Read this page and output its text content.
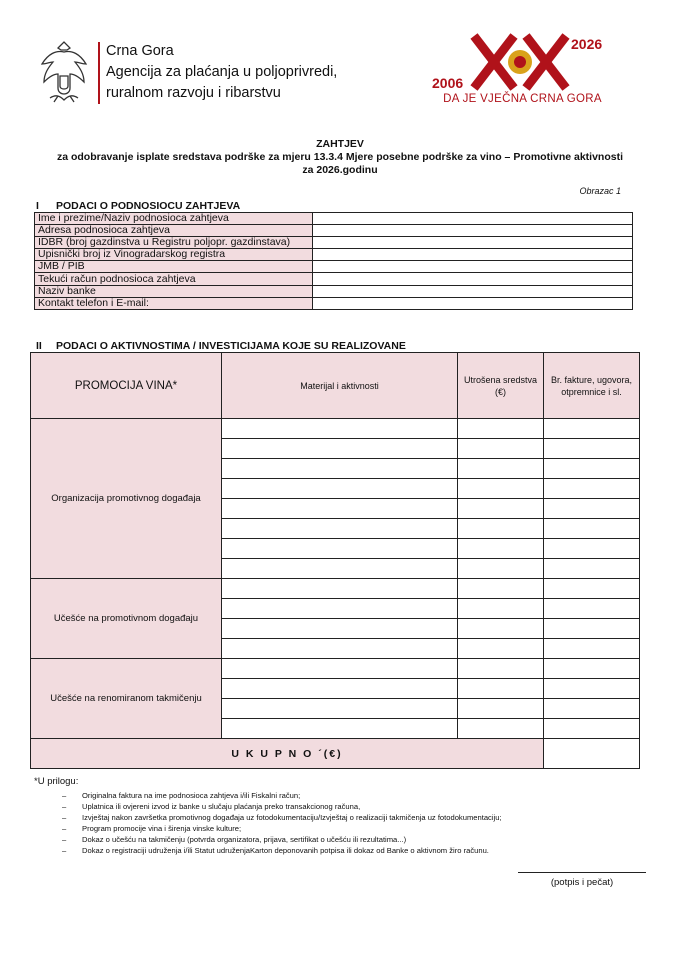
Crna Gora
Agencija za plaćanja u poljoprivredi,
ruralnom razvoju i ribarstvu
2006
2026
DA JE VJEČNA CRNA GORA
ZAHTJEV
za odobravanje isplate sredstava podrške za mjeru 13.3.4 Mjere posebne podrške za vino – Promotivne aktivnosti
za 2026.godinu
Obrazac 1
I PODACI O PODNOSIOCU ZAHTJEVA
Ime i prezime/Naziv podnosioca zahtjeva	
Adresa podnosioca zahtjeva	
IDBR (broj gazdinstva u Registru poljopr. gazdinstava)	
Upisnički broj iz Vinogradarskog registra	
JMB / PIB	
Tekući račun podnosioca zahtjeva	
Naziv banke	
Kontakt telefon i E-mail:	
II PODACI O AKTIVNOSTIMA / INVESTICIJAMA KOJE SU REALIZOVANE
PROMOCIJA VINA*	Materijal i aktivnosti	Utrošena sredstva (€)	Br. fakture, ugovora, otpremnice i sl.
Organizacija promotivnog događaja			

Učešće na promotivnom događaju			

Učešće na renomiranom takmičenju			

U K U P N O ´(€)			
*U prilogu:
– Originalna faktura na ime podnosioca zahtjeva i/ili Fiskalni račun;
– Uplatnica ili ovjereni izvod iz banke u slučaju plaćanja preko transakcionog računa,
– Izvještaj nakon završetka promotivnog događaja uz fotodokumentaciju/Izvještaj o realizaciji takmičenja uz fotodokumentaciju;
– Program promocije vina i širenja vinske kulture;
– Dokaz o učešću na takmičenju (potvrda organizatora, prijava, sertifikat o učešću ili rezultatima...)
– Dokaz o registraciji udruženja i/ili Statut udruženjaKarton deponovanih potpisa ili dokaz od Banke o aktivnom žiro računu.
(potpis i pečat)
